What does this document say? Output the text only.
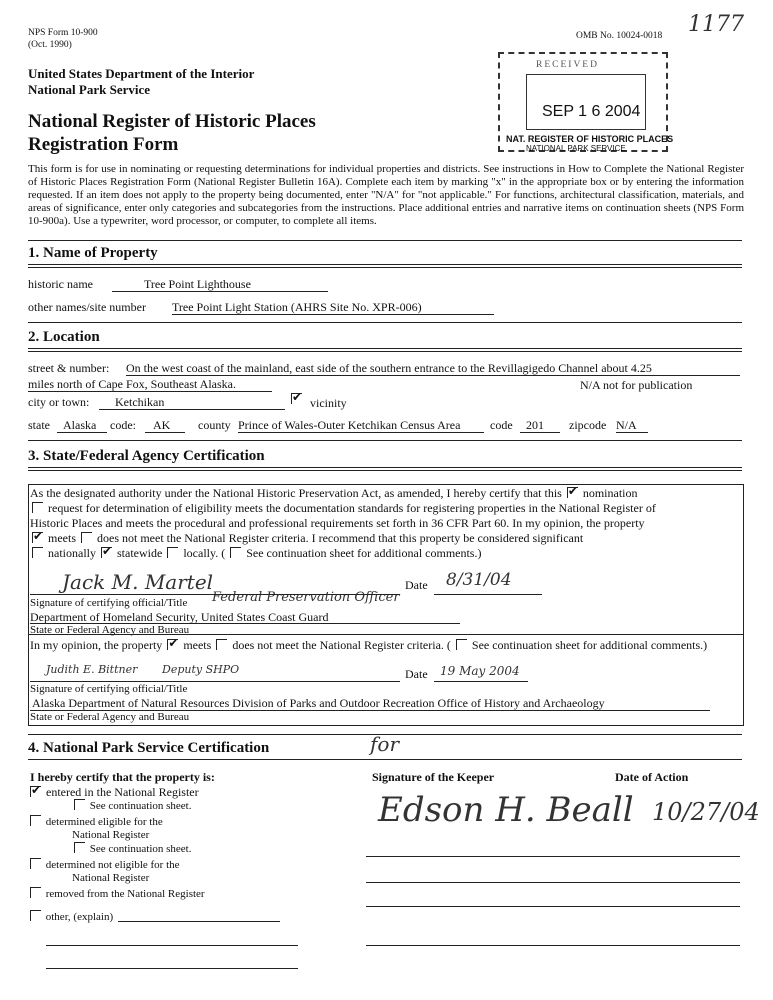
NPS Form 10-900
(Oct. 1990)
OMB No. 10024-0018 1177
United States Department of the Interior
National Park Service
National Register of Historic Places
Registration Form
RECEIVED
SEP 1 6 2004
NAT. REGISTER OF HISTORIC PLACES
NATIONAL PARK SERVICE
This form is for use in nominating or requesting determinations for individual properties and districts. See instructions in How to Complete the National Register of Historic Places Registration Form (National Register Bulletin 16A). Complete each item by marking "x" in the appropriate box or by entering the information requested. If an item does not apply to the property being documented, enter "N/A" for "not applicable." For functions, architectural classification, materials, and areas of significance, enter only categories and subcategories from the instructions. Place additional entries and narrative items on continuation sheets (NPS Form 10-900a). Use a typewriter, word processor, or computer, to complete all items.
1. Name of Property
historic name	Tree Point Lighthouse
other names/site number Tree Point Light Station (AHRS Site No. XPR-006)
2. Location
street & number: On the west coast of the mainland, east side of the southern entrance to the Revillagigedo Channel about 4.25
miles north of Cape Fox, Southeast Alaska.	N/A not for publication
city or town:	Ketchikan ✔	vicinity
state	Alaska	code:	AK	county Prince of Wales-Outer Ketchikan Census Area	code	201	zipcode N/A
3. State/Federal Agency Certification
As the designated authority under the National Historic Preservation Act, as amended, I hereby certify that this ✔ nomination
request for determination of eligibility meets the documentation standards for registering properties in the National Register of
Historic Places and meets the procedural and professional requirements set forth in 36 CFR Part 60. In my opinion, the property
✔ meets does not meet the National Register criteria. I recommend that this property be considered significant
nationally ✔ statewide locally. ( See continuation sheet for additional comments.)
Jack M. Martel
Federal Preservation Officer
Date 8/31/04
Signature of certifying official/Title
Department of Homeland Security, United States Coast Guard
State or Federal Agency and Bureau
In my opinion, the property ✔ meets does not meet the National Register criteria. ( See continuation sheet for additional comments.)
Judith E. Bittner Deputy SHPO	Date 19 May 2004
Signature of certifying official/Title
Alaska Department of Natural Resources Division of Parks and Outdoor Recreation Office of History and Archaeology
State or Federal Agency and Bureau
4. National Park Service Certification
I hereby certify that the property is:
✔ entered in the National Register
See continuation sheet.
determined eligible for the
National Register
See continuation sheet.
determined not eligible for the
National Register
removed from the National Register
other, (explain)
for
Signature of the Keeper	Date of Action
Edson H. Beall 10/27/04
